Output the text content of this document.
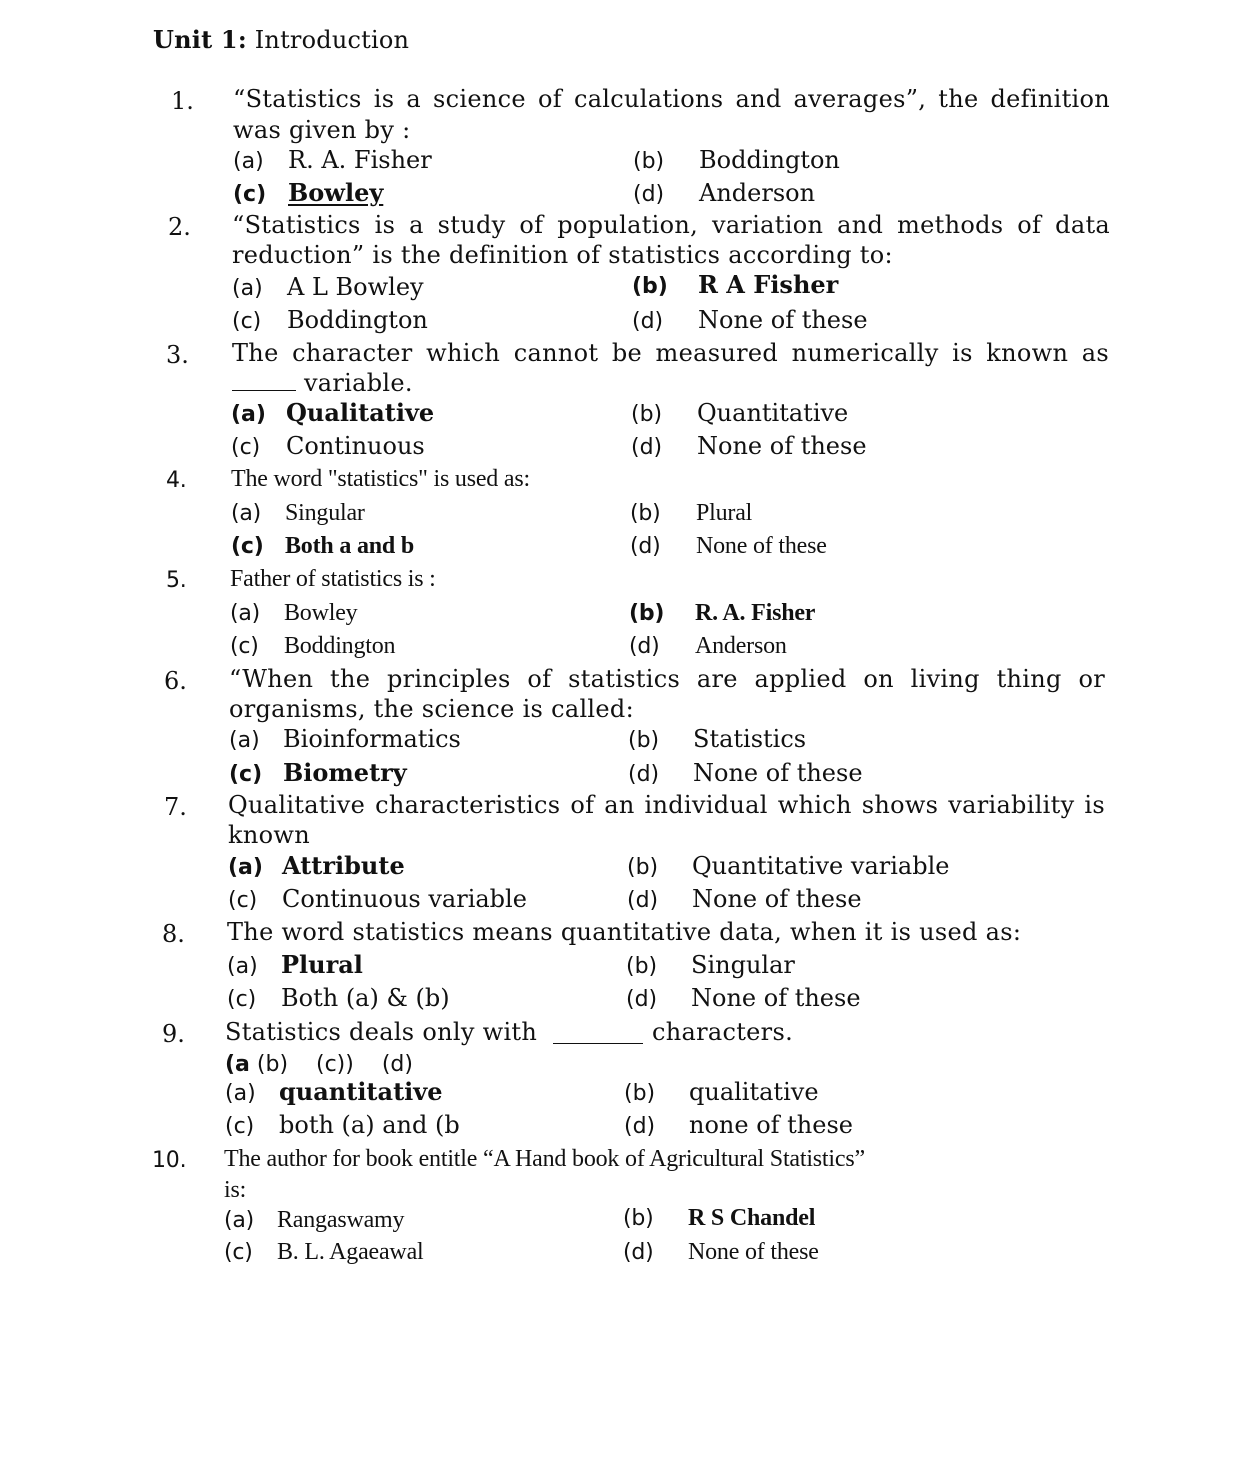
Unit 1: Introduction
1. “Statistics is a science of calculations and averages”, the definition
was given by :
(a) R. A. Fisher	(b) Boddington
(c) Bowley	(d) Anderson
2. “Statistics is a study of population, variation and methods of data
reduction” is the definition of statistics according to:
(a) A L Bowley	(b) R A Fisher
(c) Boddington	(d) None of these
3. The character which cannot be measured numerically is known as
variable.
(a) Qualitative	(b) Quantitative
(c) Continuous	(d) None of these
4. The word "statistics" is used as:
(a) Singular	(b) Plural
(c) Both a and b	(d) None of these
5. Father of statistics is :
(a) Bowley	(b) R. A. Fisher
(c) Boddington	(d) Anderson
6. “When the principles of statistics are applied on living thing or
organisms, the science is called:
(a) Bioinformatics	(b) Statistics
(c) Biometry	(d) None of these
7. Qualitative characteristics of an individual which shows variability is
known
(a) Attribute	(b) Quantitative variable
(c) Continuous variable	(d) None of these
8. The word statistics means quantitative data, when it is used as:
(a) Plural	(b) Singular
(c) Both (a) & (b)	(d) None of these
9. Statistics deals only with	characters.
(a (b)    (c))    (d)
(a) quantitative	(b) qualitative
(c) both (a) and (b	(d) none of these
10. The author for book entitle “A Hand book of Agricultural Statistics”
is:
(a) Rangaswamy	(b) R S Chandel
(c) B. L. Agaeawal	(d) None of these
